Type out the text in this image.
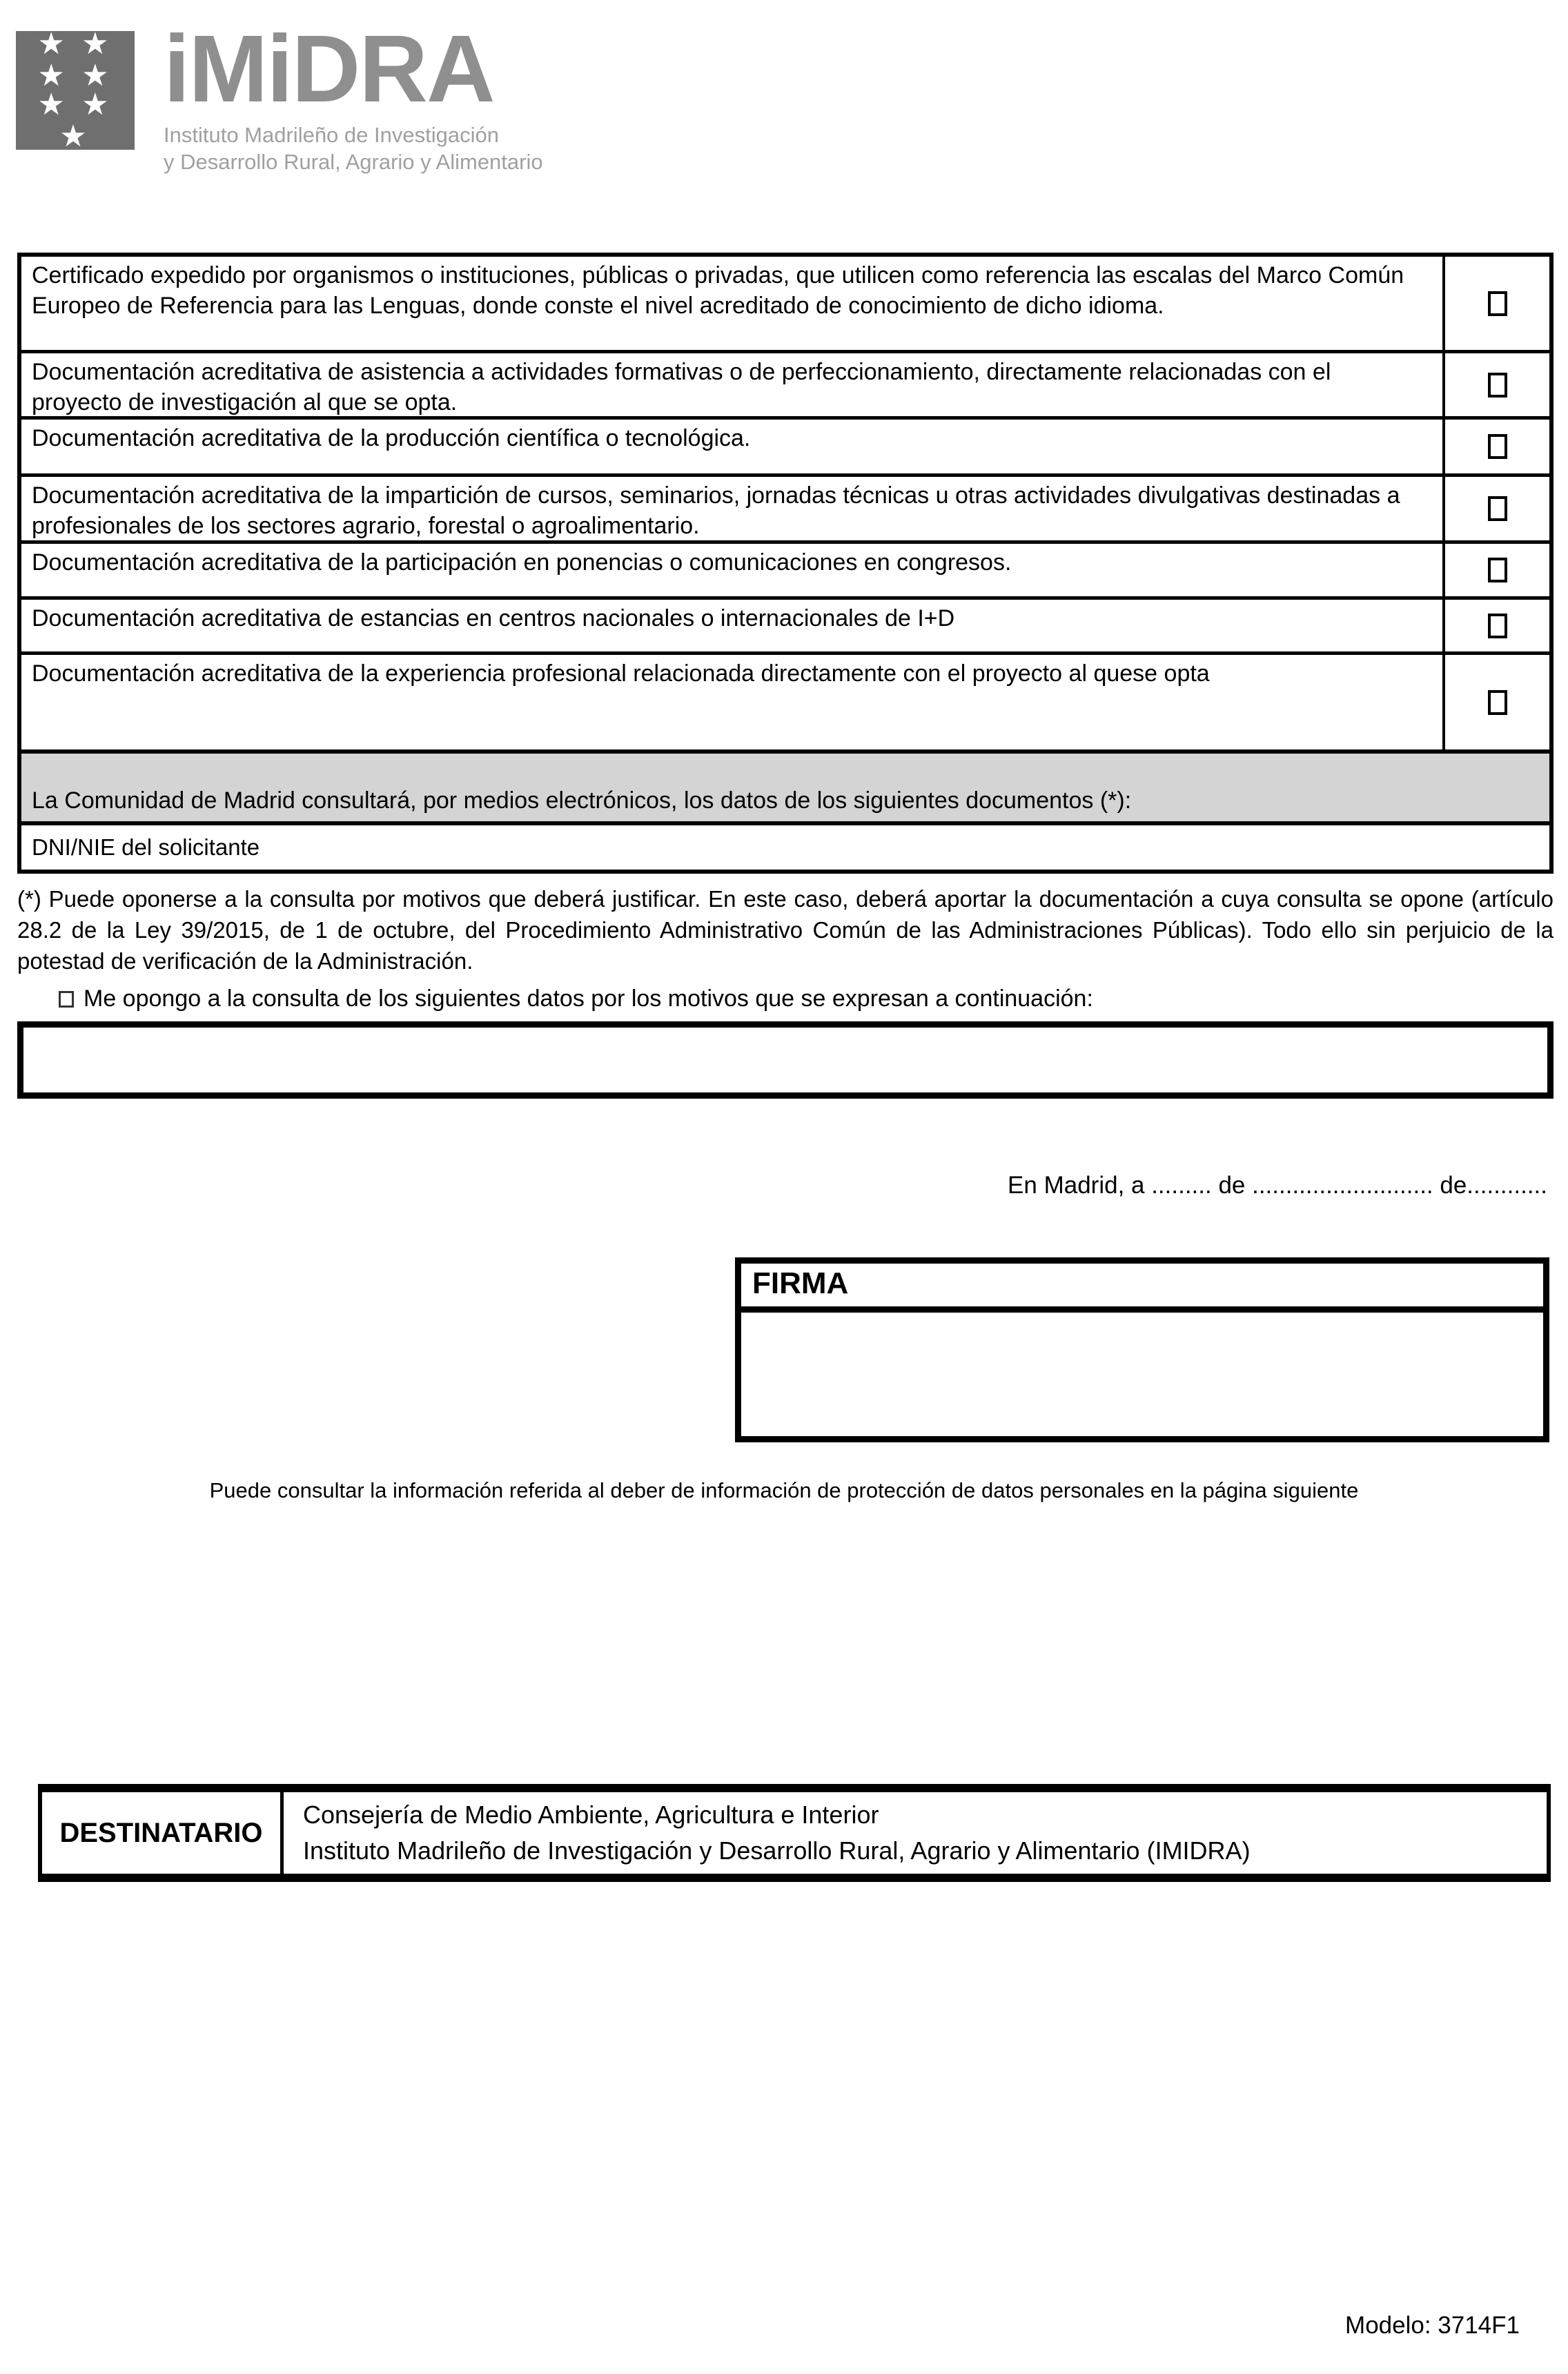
★ ★ ★ ★
★ ★ ★
iMiDRA
Instituto Madrileño de Investigación
y Desarrollo Rural, Agrario y Alimentario
Certificado expedido por organismos o instituciones, públicas o privadas, que utilicen como referencia las escalas del Marco Común Europeo de Referencia para las Lenguas, donde conste el nivel acreditado de conocimiento de dicho idioma.
Documentación acreditativa de asistencia a actividades formativas o de perfeccionamiento, directamente relacionadas con el proyecto de investigación al que se opta.
Documentación acreditativa de la producción científica o tecnológica.
Documentación acreditativa de la impartición de cursos, seminarios, jornadas técnicas u otras actividades divulgativas destinadas a profesionales de los sectores agrario, forestal o agroalimentario.
Documentación acreditativa de la participación en ponencias o comunicaciones en congresos.
Documentación acreditativa de estancias en centros nacionales o internacionales de I+D
Documentación acreditativa de la experiencia profesional relacionada directamente con el proyecto al quese opta
La Comunidad de Madrid consultará, por medios electrónicos, los datos de los siguientes documentos (*):
DNI/NIE del solicitante
(*) Puede oponerse a la consulta por motivos que deberá justificar. En este caso, deberá aportar la documentación a cuya consulta se opone (artículo 28.2 de la Ley 39/2015, de 1 de octubre, del Procedimiento Administrativo Común de las Administraciones Públicas). Todo ello sin perjuicio de la potestad de verificación de la Administración.
Me opongo a la consulta de los siguientes datos por los motivos que se expresan a continuación:
En Madrid, a ......... de ........................... de............
FIRMA
Puede consultar la información referida al deber de información de protección de datos personales en la página siguiente
DESTINATARIO
Consejería de Medio Ambiente, Agricultura e Interior
Instituto Madrileño de Investigación y Desarrollo Rural, Agrario y Alimentario (IMIDRA)
Modelo: 3714F1
